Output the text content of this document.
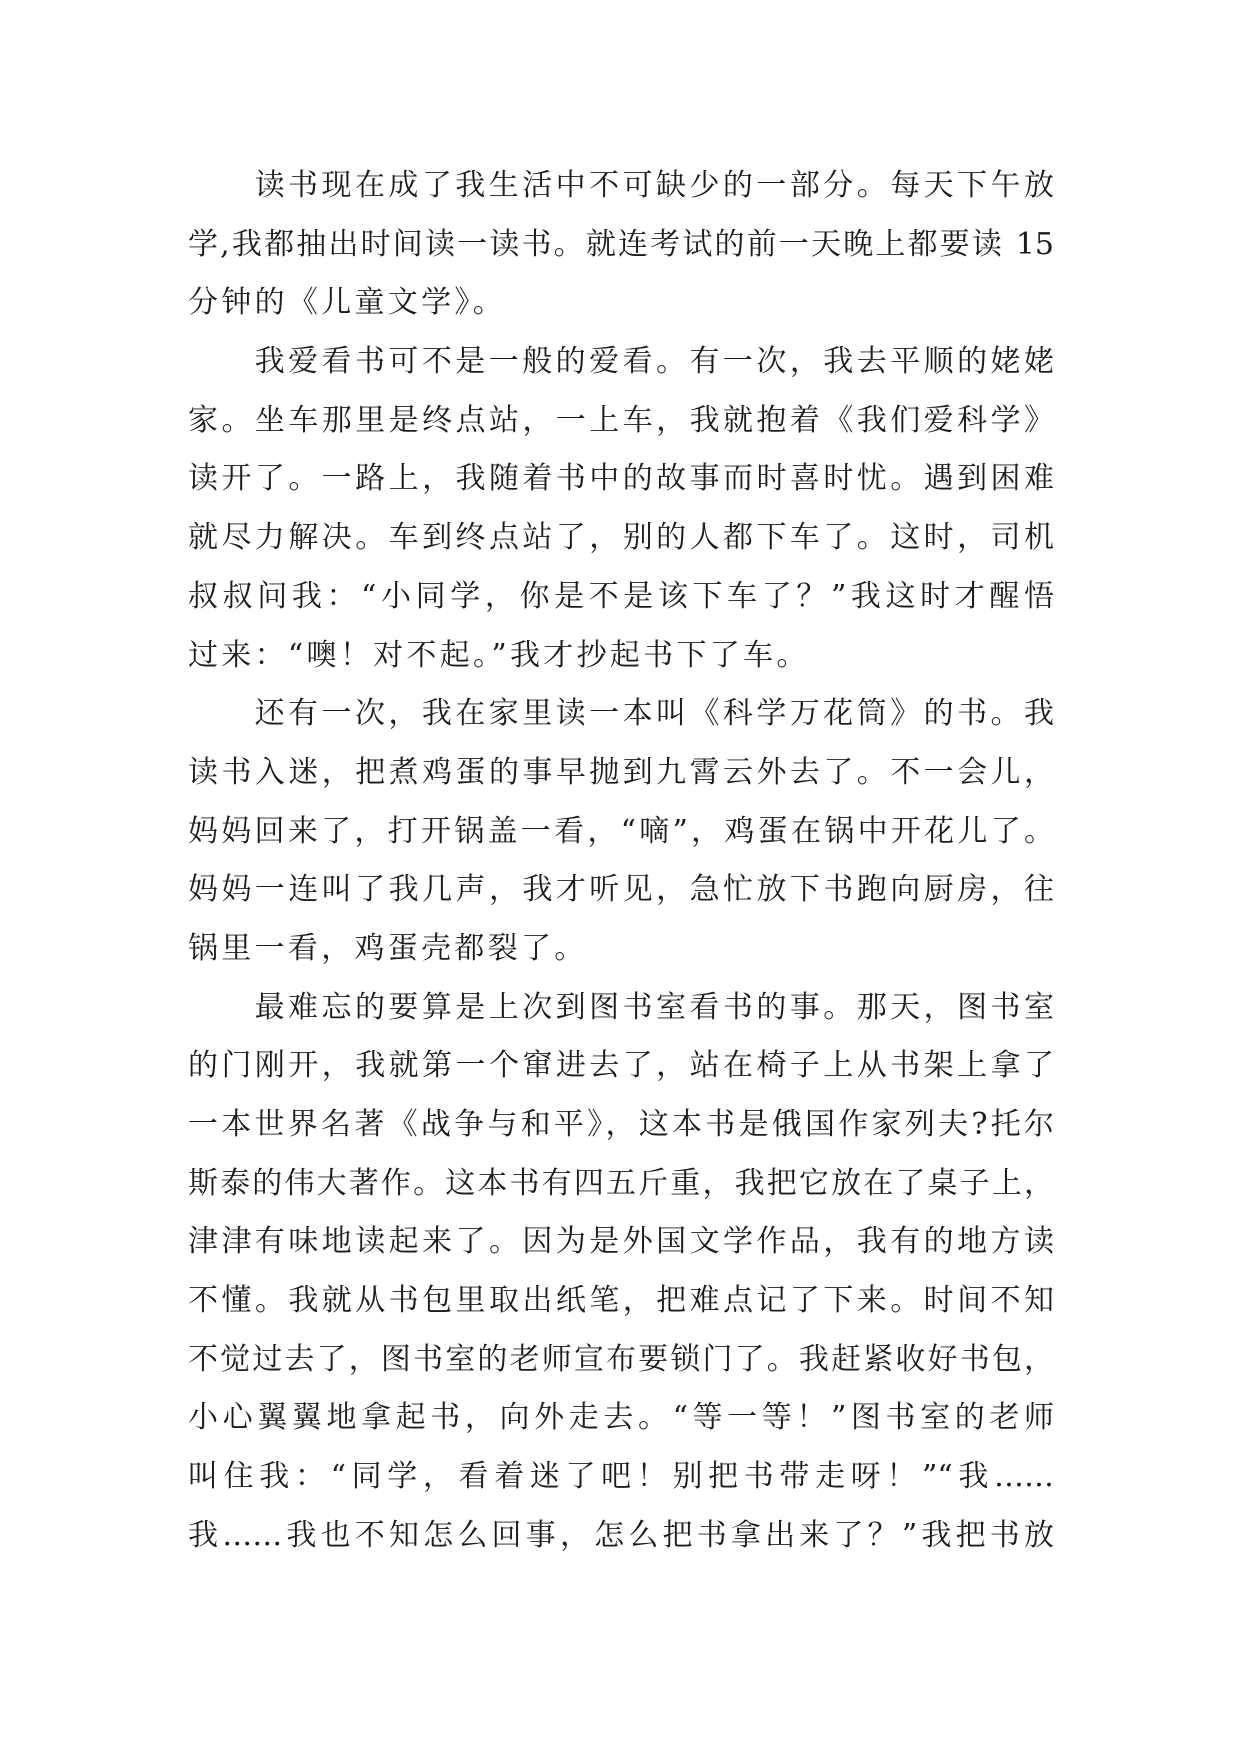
读书现在成了我生活中不可缺少的一部分。每天下午放
学,我都抽出时间读一读书。就连考试的前一天晚上都要读 15
分钟的《儿童文学》。
我爱看书可不是一般的爱看。有一次，我去平顺的姥姥
家。坐车那里是终点站，一上车，我就抱着《我们爱科学》
读开了。一路上，我随着书中的故事而时喜时忧。遇到困难
就尽力解决。车到终点站了，别的人都下车了。这时，司机
叔叔问我：“小同学，你是不是该下车了？”我这时才醒悟
过来：“噢！对不起。”我才抄起书下了车。
还有一次，我在家里读一本叫《科学万花筒》的书。我
读书入迷，把煮鸡蛋的事早抛到九霄云外去了。不一会儿，
妈妈回来了，打开锅盖一看，“嘀”，鸡蛋在锅中开花儿了。
妈妈一连叫了我几声，我才听见，急忙放下书跑向厨房，往
锅里一看，鸡蛋壳都裂了。
最难忘的要算是上次到图书室看书的事。那天，图书室
的门刚开，我就第一个窜进去了，站在椅子上从书架上拿了
一本世界名著《战争与和平》，这本书是俄国作家列夫?托尔
斯泰的伟大著作。这本书有四五斤重，我把它放在了桌子上，
津津有味地读起来了。因为是外国文学作品，我有的地方读
不懂。我就从书包里取出纸笔，把难点记了下来。时间不知
不觉过去了，图书室的老师宣布要锁门了。我赶紧收好书包，
小心翼翼地拿起书，向外走去。“等一等！”图书室的老师
叫住我：“同学，看着迷了吧！别把书带走呀！”“我……
我……我也不知怎么回事，怎么把书拿出来了？”我把书放
